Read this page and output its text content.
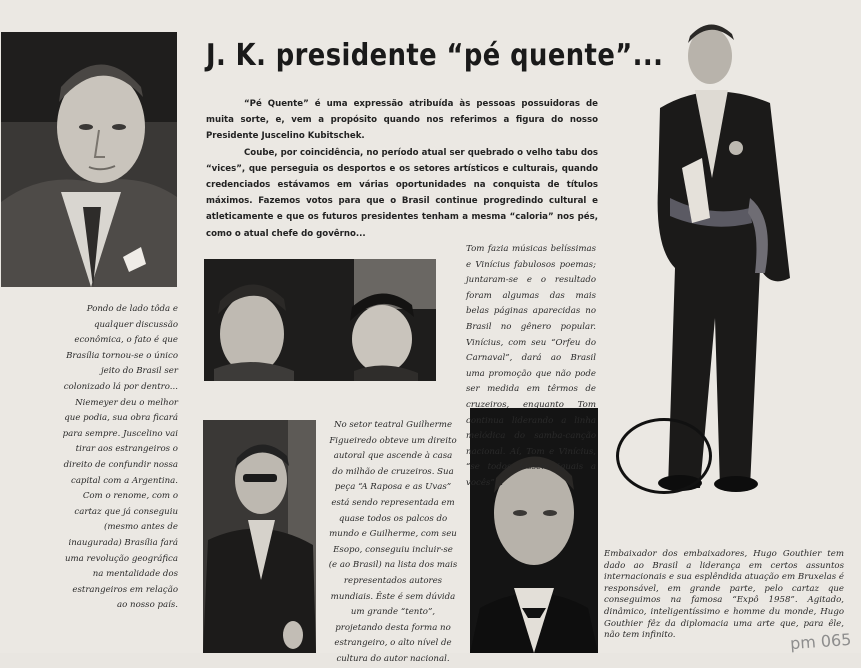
J. K. presidente “pé quente”...

“Pé Quente” é uma expressão atribuída às pessoas possuidoras de muita sorte, e, vem a propósito quando nos referimos a figura do nosso Presidente Juscelino Kubitschek.

Coube, por coincidência, no período atual ser quebrado o velho tabu dos “vices”, que perseguia os desportos e os setores artísticos e culturais, quando credenciados estávamos em várias oportunidades na conquista de títulos máximos. Fazemos votos para que o Brasil continue progredindo cultural e atleticamente e que os futuros presidentes tenham a mesma “caloria” nos pés, como o atual chefe do govêrno...

Pondo de lado tôda e qualquer discussão econômica, o fato é que Brasília tornou-se o único jeito do Brasil ser colonizado lá por dentro... Niemeyer deu o melhor que podia, sua obra ficará para sempre. Juscelino vai tirar aos estrangeiros o direito de confundir nossa capital com a Argentina. Com o renome, com o cartaz que já conseguiu (mesmo antes de inaugurada) Brasília fará uma revolução geográfica na mentalidade dos estrangeiros em relação ao nosso país.
Tom fazia músicas belíssimas e Vinícius fabulosos poemas; juntaram-se e o resultado foram algumas das mais belas páginas aparecidas no Brasil no gênero popular. Vinícius, com seu “Orfeu do Carnaval”, dará ao Brasil uma promoção que não pode ser medida em têrmos de cruzeiros, enquanto Tom continua liderando a linha melódica do samba-canção nacional. Aí, Tom e Vinícius, “se todos fôssem iguais a vocês”...
No setor teatral Guilherme Figueiredo obteve um direito autoral que ascende à casa do milhão de cruzeiros. Sua peça “A Raposa e as Uvas” está sendo representada em quase todos os palcos do mundo e Guilherme, com seu Esopo, conseguiu incluir-se (e ao Brasil) na lista dos mais representados autores mundiais. Êste é sem dúvida um grande “tento”, projetando desta forma no estrangeiro, o alto nível de cultura do autor nacional.
Embaixador dos embaixadores, Hugo Gouthier tem dado ao Brasil a liderança em certos assuntos internacionais e sua esplêndida atuação em Bruxelas é responsável, em grande parte, pelo cartaz que conseguimos na famosa “Expô 1958”. Agitado, dinâmico, inteligentíssimo e homme du monde, Hugo Gouthier fêz da diplomacia uma arte que, para êle, não tem infinito.	pm 065
